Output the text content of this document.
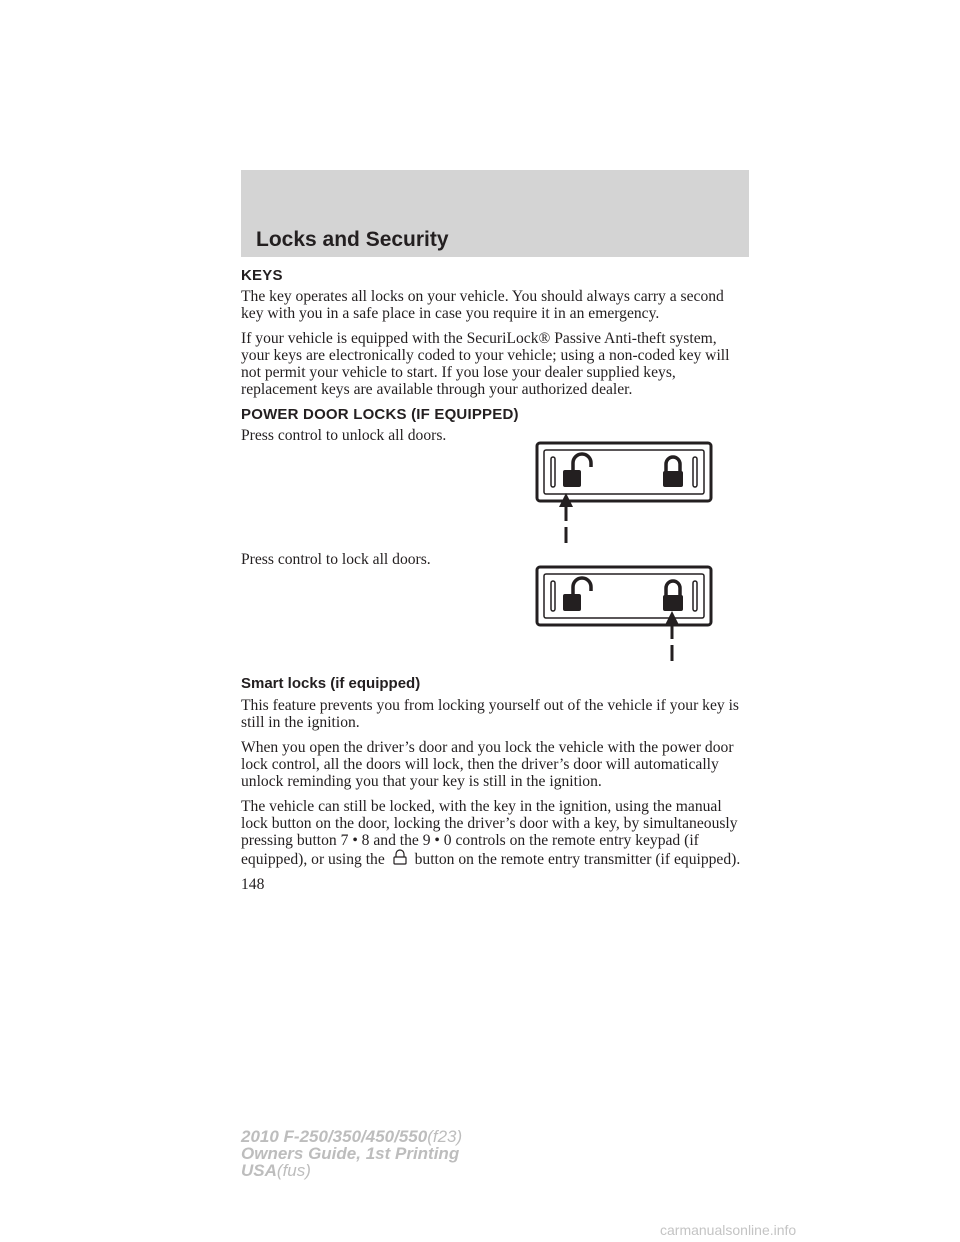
Locks and Security
KEYS

The key operates all locks on your vehicle. You should always carry a second key with you in a safe place in case you require it in an emergency.

If your vehicle is equipped with the SecuriLock® Passive Anti-theft system, your keys are electronically coded to your vehicle; using a non-coded key will not permit your vehicle to start. If you lose your dealer supplied keys, replacement keys are available through your authorized dealer.

POWER DOOR LOCKS (IF EQUIPPED)

Press control to unlock all doors.

Press control to lock all doors.

Smart locks (if equipped)

This feature prevents you from locking yourself out of the vehicle if your key is still in the ignition.

When you open the driver’s door and you lock the vehicle with the power door lock control, all the doors will lock, then the driver’s door will automatically unlock reminding you that your key is still in the ignition.

The vehicle can still be locked, with the key in the ignition, using the manual lock button on the door, locking the driver’s door with a key, by simultaneously pressing button 7 • 8 and the 9 • 0 controls on the remote entry keypad (if equipped), or using the button on the remote entry transmitter (if equipped).

148

2010 F-250/350/450/550(f23)
Owners Guide, 1st Printing
USA(fus)
carmanualsonline.info
